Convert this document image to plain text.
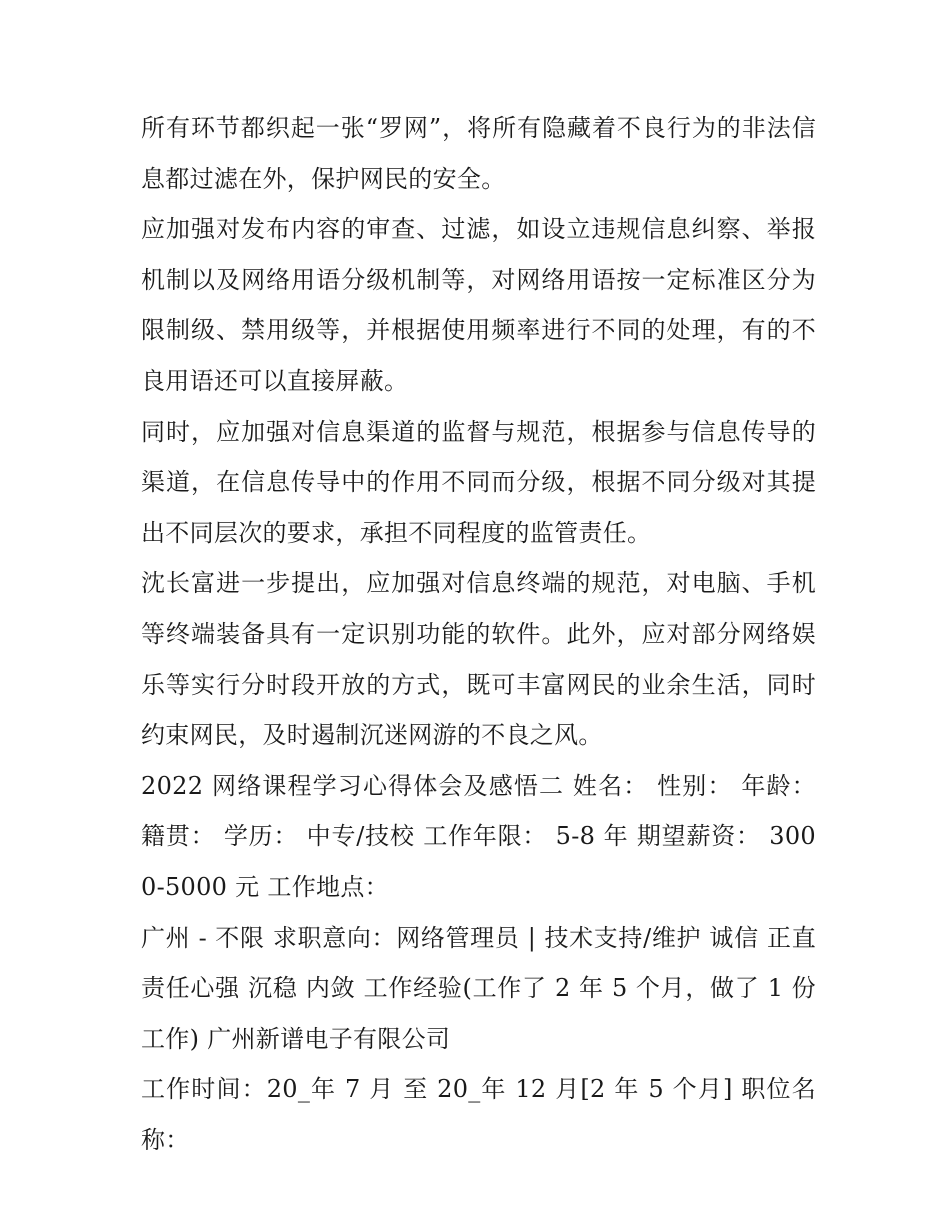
所有环节都织起一张“罗网”，将所有隐藏着不良行为的非法信息都过滤在外，保护网民的安全。

应加强对发布内容的审查、过滤，如设立违规信息纠察、举报机制以及网络用语分级机制等，对网络用语按一定标准区分为限制级、禁用级等，并根据使用频率进行不同的处理，有的不良用语还可以直接屏蔽。

同时，应加强对信息渠道的监督与规范，根据参与信息传导的渠道，在信息传导中的作用不同而分级，根据不同分级对其提出不同层次的要求，承担不同程度的监管责任。

沈长富进一步提出，应加强对信息终端的规范，对电脑、手机等终端装备具有一定识别功能的软件。此外，应对部分网络娱乐等实行分时段开放的方式，既可丰富网民的业余生活，同时约束网民，及时遏制沉迷网游的不良之风。

2022 网络课程学习心得体会及感悟二 姓名： 性别： 年龄： 籍贯： 学历： 中专/技校 工作年限： 5-8 年 期望薪资： 3000-5000 元 工作地点：

广州 - 不限 求职意向：网络管理员 | 技术支持/维护 诚信 正直 责任心强 沉稳 内敛 工作经验(工作了 2 年 5 个月，做了 1 份工作) 广州新谱电子有限公司

工作时间：20_年 7 月 至 20_年 12 月[2 年 5 个月] 职位名称：
